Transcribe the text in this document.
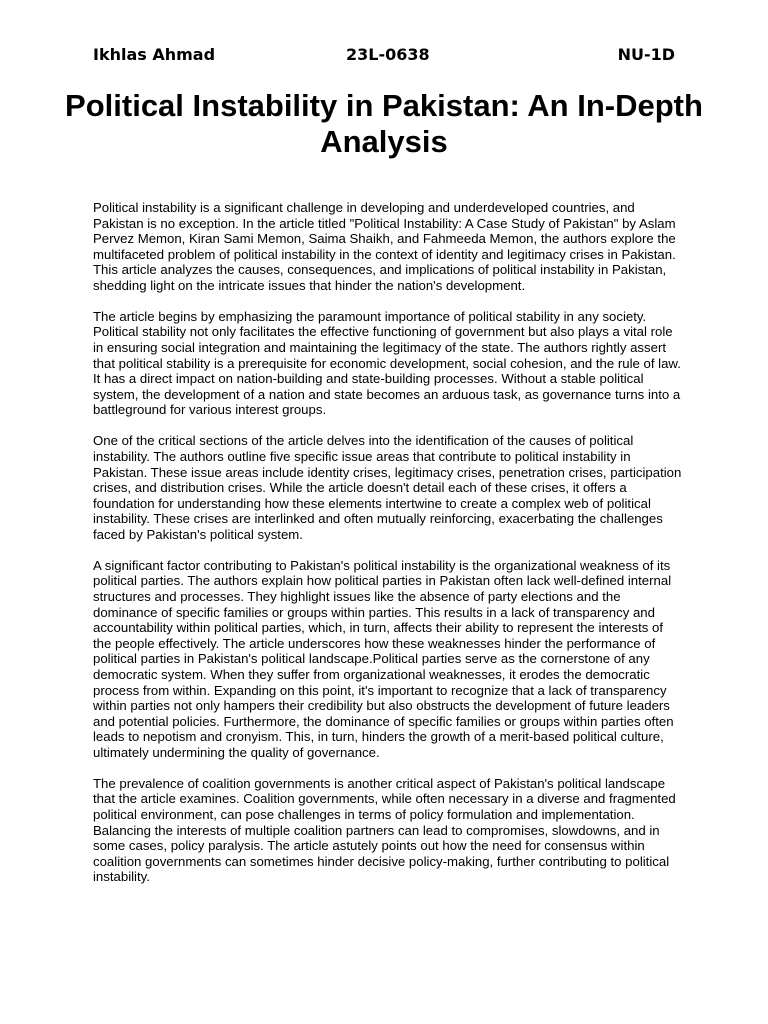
Ikhlas Ahmad	23L-0638	NU-1D
Political Instability in Pakistan: An In-Depth Analysis

Political instability is a significant challenge in developing and underdeveloped countries, and Pakistan is no exception. In the article titled "Political Instability: A Case Study of Pakistan" by Aslam Pervez Memon, Kiran Sami Memon, Saima Shaikh, and Fahmeeda Memon, the authors explore the multifaceted problem of political instability in the context of identity and legitimacy crises in Pakistan. This article analyzes the causes, consequences, and implications of political instability in Pakistan, shedding light on the intricate issues that hinder the nation's development.

The article begins by emphasizing the paramount importance of political stability in any society. Political stability not only facilitates the effective functioning of government but also plays a vital role in ensuring social integration and maintaining the legitimacy of the state. The authors rightly assert that political stability is a prerequisite for economic development, social cohesion, and the rule of law. It has a direct impact on nation-building and state-building processes. Without a stable political system, the development of a nation and state becomes an arduous task, as governance turns into a battleground for various interest groups.

One of the critical sections of the article delves into the identification of the causes of political instability. The authors outline five specific issue areas that contribute to political instability in Pakistan. These issue areas include identity crises, legitimacy crises, penetration crises, participation crises, and distribution crises. While the article doesn't detail each of these crises, it offers a foundation for understanding how these elements intertwine to create a complex web of political instability. These crises are interlinked and often mutually reinforcing, exacerbating the challenges faced by Pakistan's political system.

A significant factor contributing to Pakistan's political instability is the organizational weakness of its political parties. The authors explain how political parties in Pakistan often lack well-defined internal structures and processes. They highlight issues like the absence of party elections and the dominance of specific families or groups within parties. This results in a lack of transparency and accountability within political parties, which, in turn, affects their ability to represent the interests of the people effectively. The article underscores how these weaknesses hinder the performance of political parties in Pakistan's political landscape.Political parties serve as the cornerstone of any democratic system. When they suffer from organizational weaknesses, it erodes the democratic process from within. Expanding on this point, it's important to recognize that a lack of transparency within parties not only hampers their credibility but also obstructs the development of future leaders and potential policies. Furthermore, the dominance of specific families or groups within parties often leads to nepotism and cronyism. This, in turn, hinders the growth of a merit-based political culture, ultimately undermining the quality of governance.

The prevalence of coalition governments is another critical aspect of Pakistan's political landscape that the article examines. Coalition governments, while often necessary in a diverse and fragmented political environment, can pose challenges in terms of policy formulation and implementation. Balancing the interests of multiple coalition partners can lead to compromises, slowdowns, and in some cases, policy paralysis. The article astutely points out how the need for consensus within coalition governments can sometimes hinder decisive policy-making, further contributing to political instability.
